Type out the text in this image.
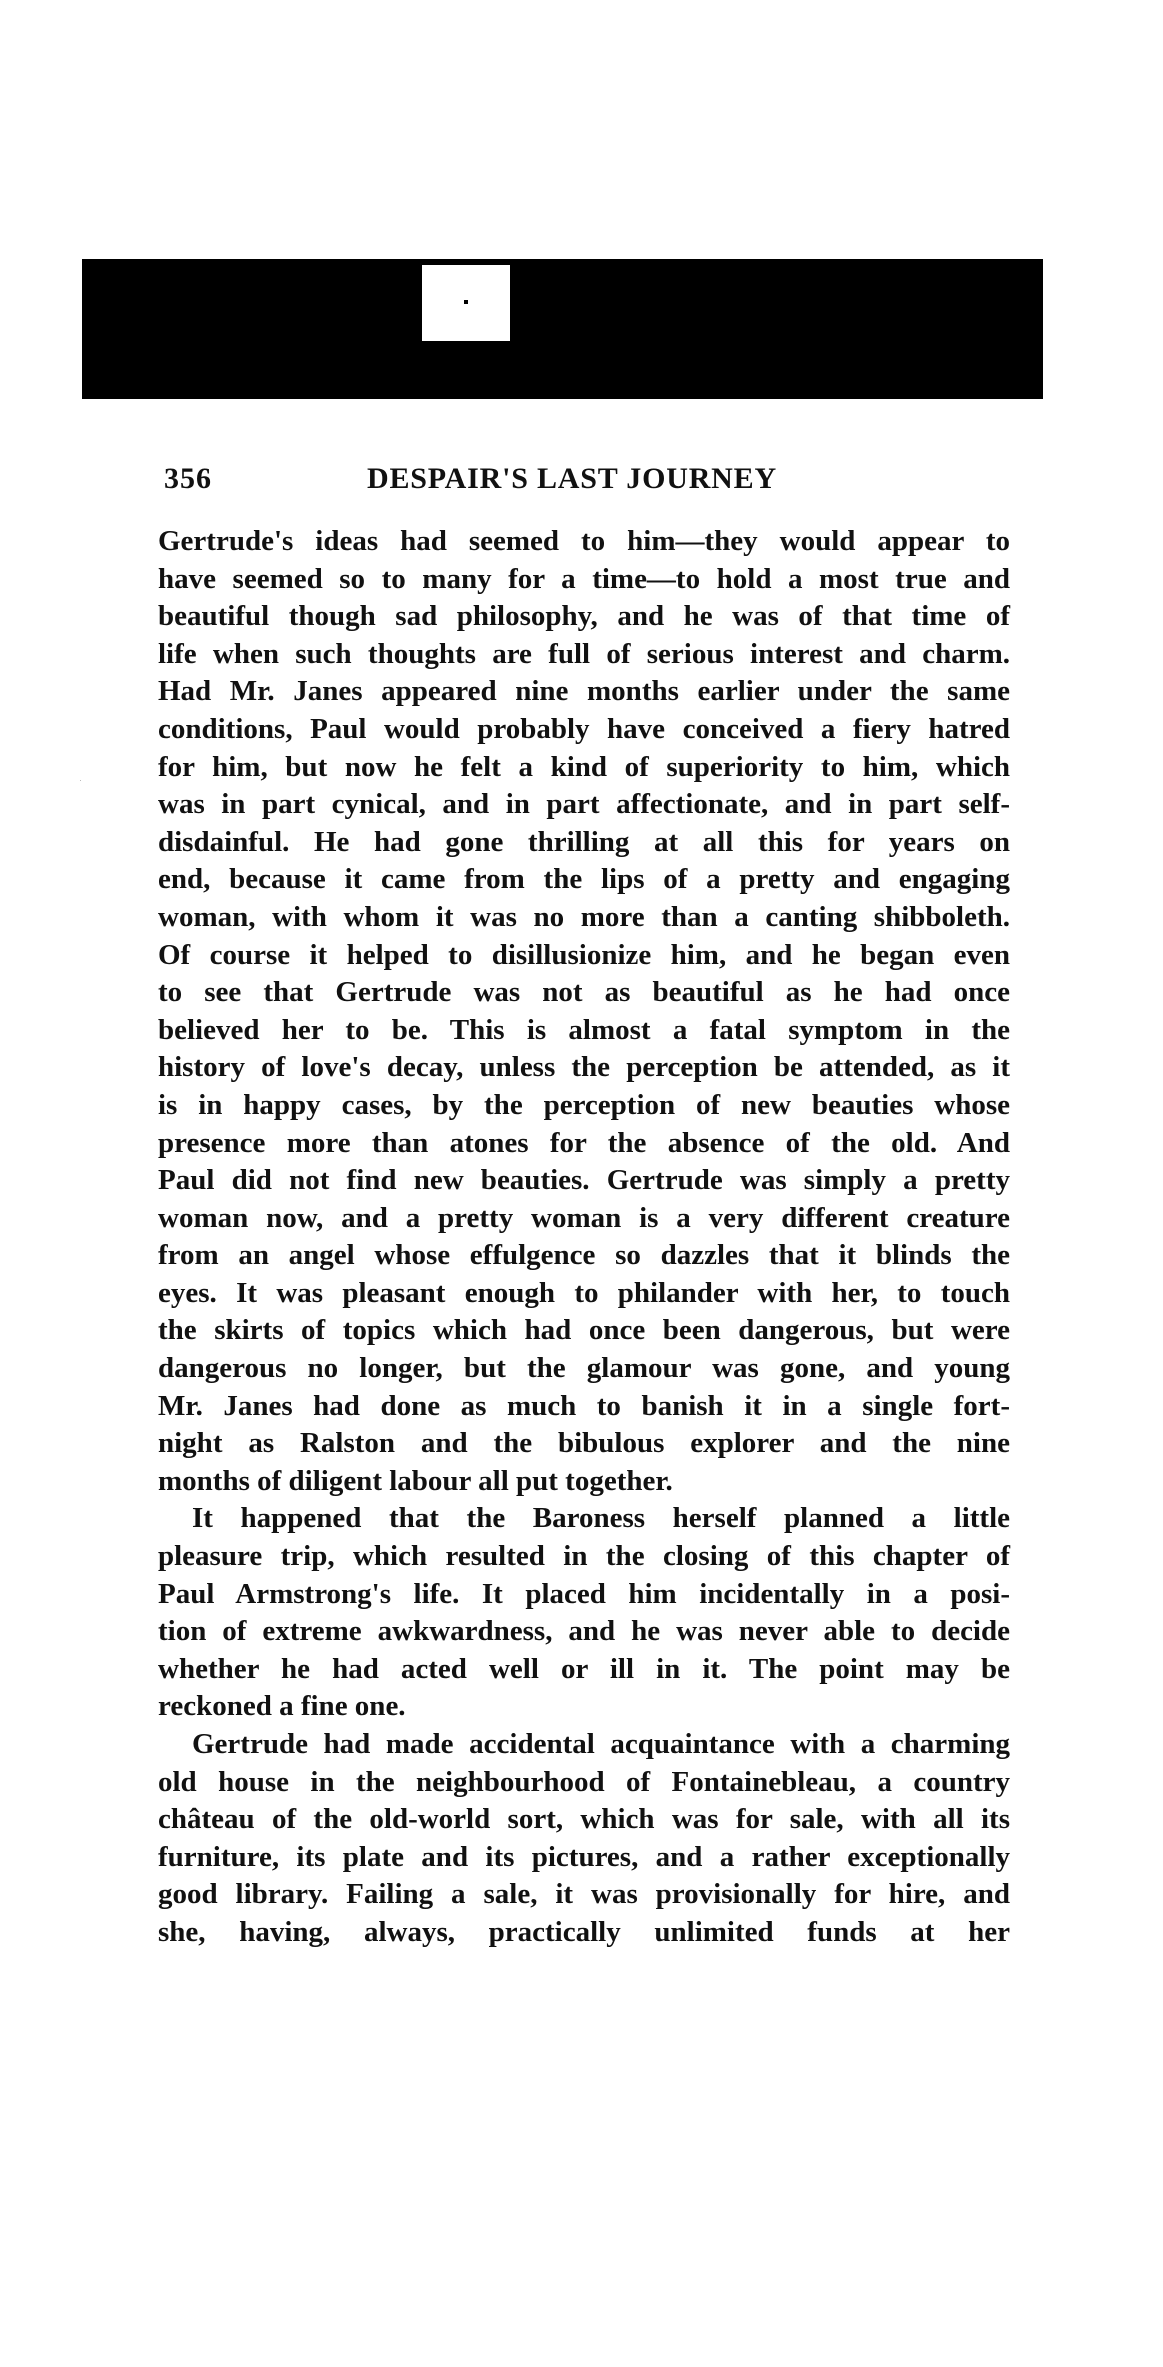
356	DESPAIR'S LAST JOURNEY
Gertrude's ideas had seemed to him—they would appear to
have seemed so to many for a time—to hold a most true and
beautiful though sad philosophy, and he was of that time of
life when such thoughts are full of serious interest and charm.
Had Mr. Janes appeared nine months earlier under the same
conditions, Paul would probably have conceived a fiery hatred
for him, but now he felt a kind of superiority to him, which
was in part cynical, and in part affectionate, and in part self-
disdainful. He had gone thrilling at all this for years on
end, because it came from the lips of a pretty and engaging
woman, with whom it was no more than a canting shibboleth.
Of course it helped to disillusionize him, and he began even
to see that Gertrude was not as beautiful as he had once
believed her to be. This is almost a fatal symptom in the
history of love's decay, unless the perception be attended, as it
is in happy cases, by the perception of new beauties whose
presence more than atones for the absence of the old. And
Paul did not find new beauties. Gertrude was simply a pretty
woman now, and a pretty woman is a very different creature
from an angel whose effulgence so dazzles that it blinds the
eyes. It was pleasant enough to philander with her, to touch
the skirts of topics which had once been dangerous, but were
dangerous no longer, but the glamour was gone, and young
Mr. Janes had done as much to banish it in a single fort-
night as Ralston and the bibulous explorer and the nine
months of diligent labour all put together.
It happened that the Baroness herself planned a little
pleasure trip, which resulted in the closing of this chapter of
Paul Armstrong's life. It placed him incidentally in a posi-
tion of extreme awkwardness, and he was never able to decide
whether he had acted well or ill in it. The point may be
reckoned a fine one.
Gertrude had made accidental acquaintance with a charming
old house in the neighbourhood of Fontainebleau, a country
château of the old-world sort, which was for sale, with all its
furniture, its plate and its pictures, and a rather exceptionally
good library. Failing a sale, it was provisionally for hire, and
she, having, always, practically unlimited funds at her
